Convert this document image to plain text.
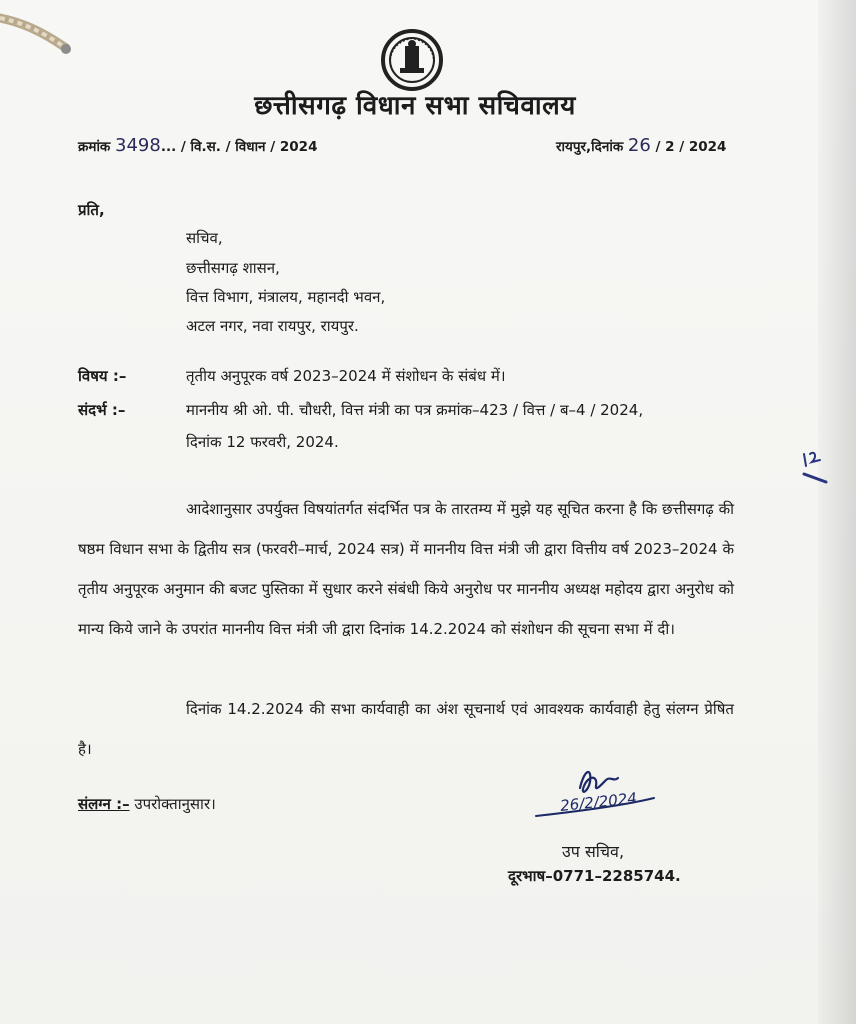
छत्तीसगढ़ विधान सभा सचिवालय
क्रमांक 3498... / वि.स. / विधान / 2024	रायपुर,दिनांक 26 / 2 / 2024
प्रति,
सचिव,
छत्तीसगढ़ शासन,
वित्त विभाग, मंत्रालय, महानदी भवन,
अटल नगर, नवा रायपुर, रायपुर.
विषय :–	तृतीय अनुपूरक वर्ष 2023–2024 में संशोधन के संबंध में।
संदर्भ :–	माननीय श्री ओ. पी. चौधरी, वित्त मंत्री का पत्र क्रमांक–423 / वित्त / ब–4 / 2024,
दिनांक 12 फरवरी, 2024.
आदेशानुसार उपर्युक्त विषयांतर्गत संदर्भित पत्र के तारतम्य में मुझे यह सूचित करना है कि छत्तीसगढ़ की षष्ठम विधान सभा के द्वितीय सत्र (फरवरी–मार्च, 2024 सत्र) में माननीय वित्त मंत्री जी द्वारा वित्तीय वर्ष 2023–2024 के तृतीय अनुपूरक अनुमान की बजट पुस्तिका में सुधार करने संबंधी किये अनुरोध पर माननीय अध्यक्ष महोदय द्वारा अनुरोध को मान्य किये जाने के उपरांत माननीय वित्त मंत्री जी द्वारा दिनांक 14.2.2024 को संशोधन की सूचना सभा में दी।
दिनांक 14.2.2024 की सभा कार्यवाही का अंश सूचनार्थ एवं आवश्यक कार्यवाही हेतु संलग्न प्रेषित है।
संलग्न :– उपरोक्तानुसार।	26/2/2024
उप सचिव,
दूरभाष–0771–2285744.
